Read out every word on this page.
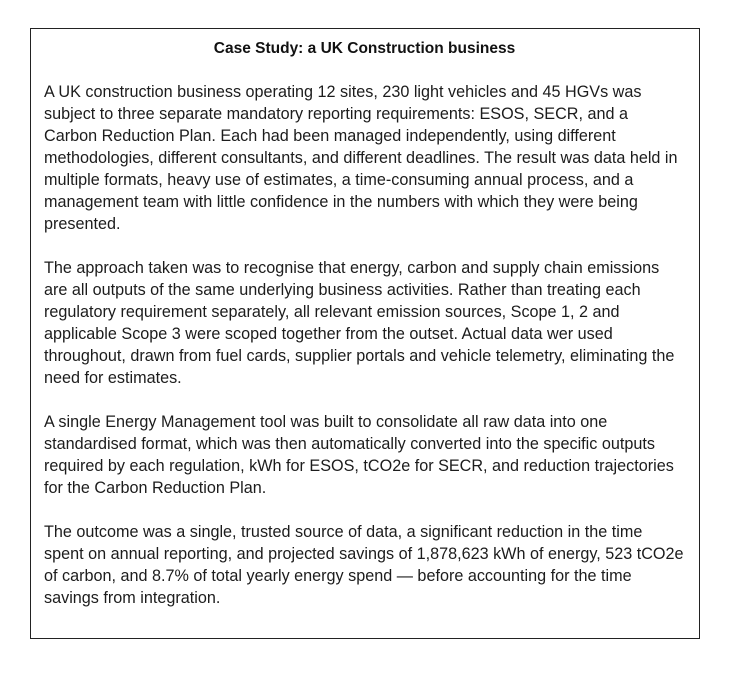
Case Study: a UK Construction business

A UK construction business operating 12 sites, 230 light vehicles and 45 HGVs was subject to three separate mandatory reporting requirements: ESOS, SECR, and a Carbon Reduction Plan. Each had been managed independently, using different methodologies, different consultants, and different deadlines. The result was data held in multiple formats, heavy use of estimates, a time-consuming annual process, and a management team with little confidence in the numbers with which they were being presented.

The approach taken was to recognise that energy, carbon and supply chain emissions are all outputs of the same underlying business activities. Rather than treating each regulatory requirement separately, all relevant emission sources, Scope 1, 2 and applicable Scope 3 were scoped together from the outset. Actual data wer used throughout, drawn from fuel cards, supplier portals and vehicle telemetry, eliminating the need for estimates.

A single Energy Management tool was built to consolidate all raw data into one standardised format, which was then automatically converted into the specific outputs required by each regulation, kWh for ESOS, tCO2e for SECR, and reduction trajectories for the Carbon Reduction Plan.

The outcome was a single, trusted source of data, a significant reduction in the time spent on annual reporting, and projected savings of 1,878,623 kWh of energy, 523 tCO2e of carbon, and 8.7% of total yearly energy spend — before accounting for the time savings from integration.
